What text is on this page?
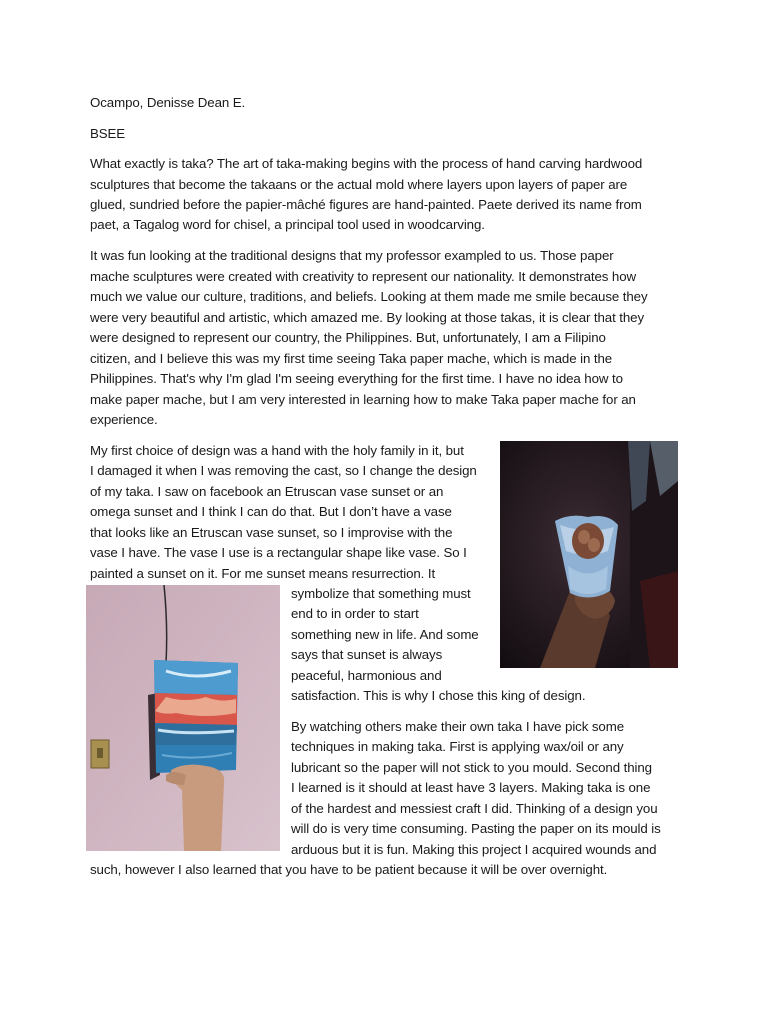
Ocampo, Denisse Dean E.
BSEE
What exactly is taka? The art of taka-making begins with the process of hand carving hardwood
sculptures that become the takaans or the actual mold where layers upon layers of paper are
glued, sundried before the papier-mâché figures are hand-painted. Paete derived its name from
paet, a Tagalog word for chisel, a principal tool used in woodcarving.
It was fun looking at the traditional designs that my professor exampled to us. Those paper
mache sculptures were created with creativity to represent our nationality. It demonstrates how
much we value our culture, traditions, and beliefs. Looking at them made me smile because they
were very beautiful and artistic, which amazed me. By looking at those takas, it is clear that they
were designed to represent our country, the Philippines. But, unfortunately, I am a Filipino
citizen, and I believe this was my first time seeing Taka paper mache, which is made in the
Philippines. That's why I'm glad I'm seeing everything for the first time. I have no idea how to
make paper mache, but I am very interested in learning how to make Taka paper mache for an
experience.
My first choice of design was a hand with the holy family in it, but
I damaged it when I was removing the cast, so I change the design
of my taka. I saw on facebook an Etruscan vase sunset or an
omega sunset and I think I can do that. But I don’t have a vase
that looks like an Etruscan vase sunset, so I improvise with the
vase I have. The vase I use is a rectangular shape like vase. So I
painted a sunset on it. For me sunset means resurrection. It
symbolize that something must
end to in order to start
something new in life. And some
says that sunset is always
peaceful, harmonious and
satisfaction. This is why I chose this king of design.
By watching others make their own taka I have pick some
techniques in making taka. First is applying wax/oil or any
lubricant so the paper will not stick to you mould. Second thing
I learned is it should at least have 3 layers. Making taka is one
of the hardest and messiest craft I did. Thinking of a design you
will do is very time consuming. Pasting the paper on its mould is
arduous but it is fun. Making this project I acquired wounds and
such, however I also learned that you have to be patient because it will be over overnight.
